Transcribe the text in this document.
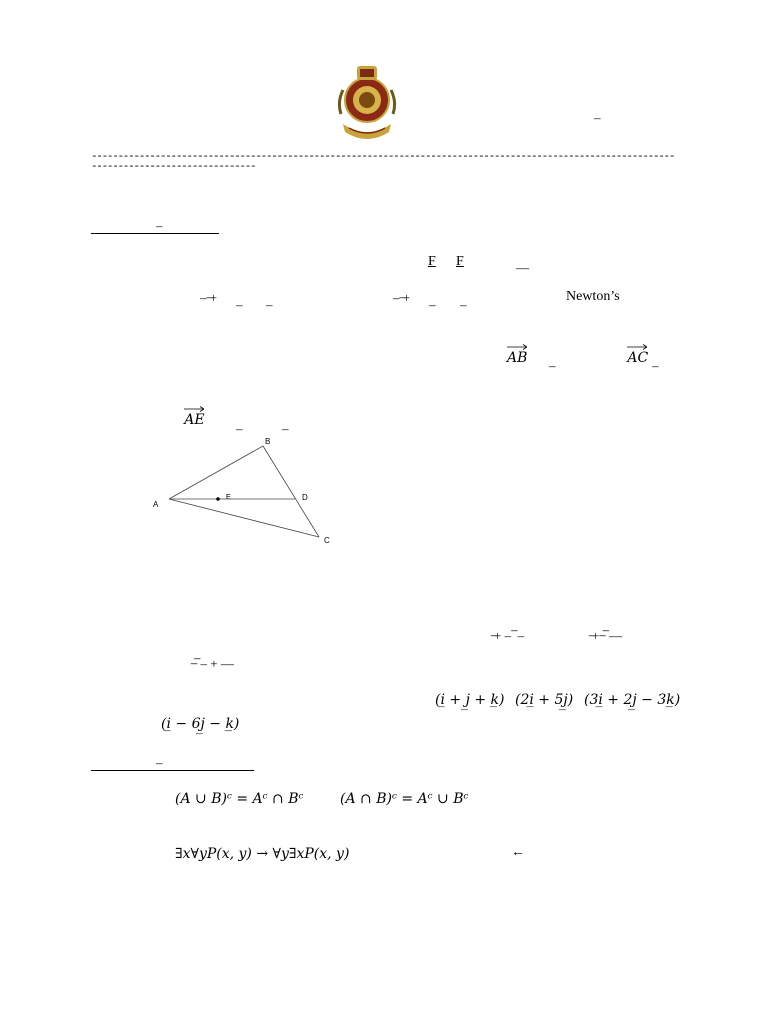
–
---------------------------------------------------------------------------------------------------------------------------------------------
–
F F	—
– ̶+ – –	– ̶+ – –
Newton’s
AB –	AC –
AE
–	–
A
B
C
D
E
̶+ – ̅ –	̶+ ̶ ̅ —
̶ ̅ – + —
(i̲ + j̲ + k̲) (2i̲ + 5j̲) (3i̲ + 2j̲ − 3k̲)
(i̲ − 6j̲ − k̲)
–
(A ∪ B)ᶜ = Aᶜ ∩ Bᶜ	(A ∩ B)ᶜ = Aᶜ ∪ Bᶜ
∃x∀yP(x, y) → ∀y∃xP(x, y)	←
